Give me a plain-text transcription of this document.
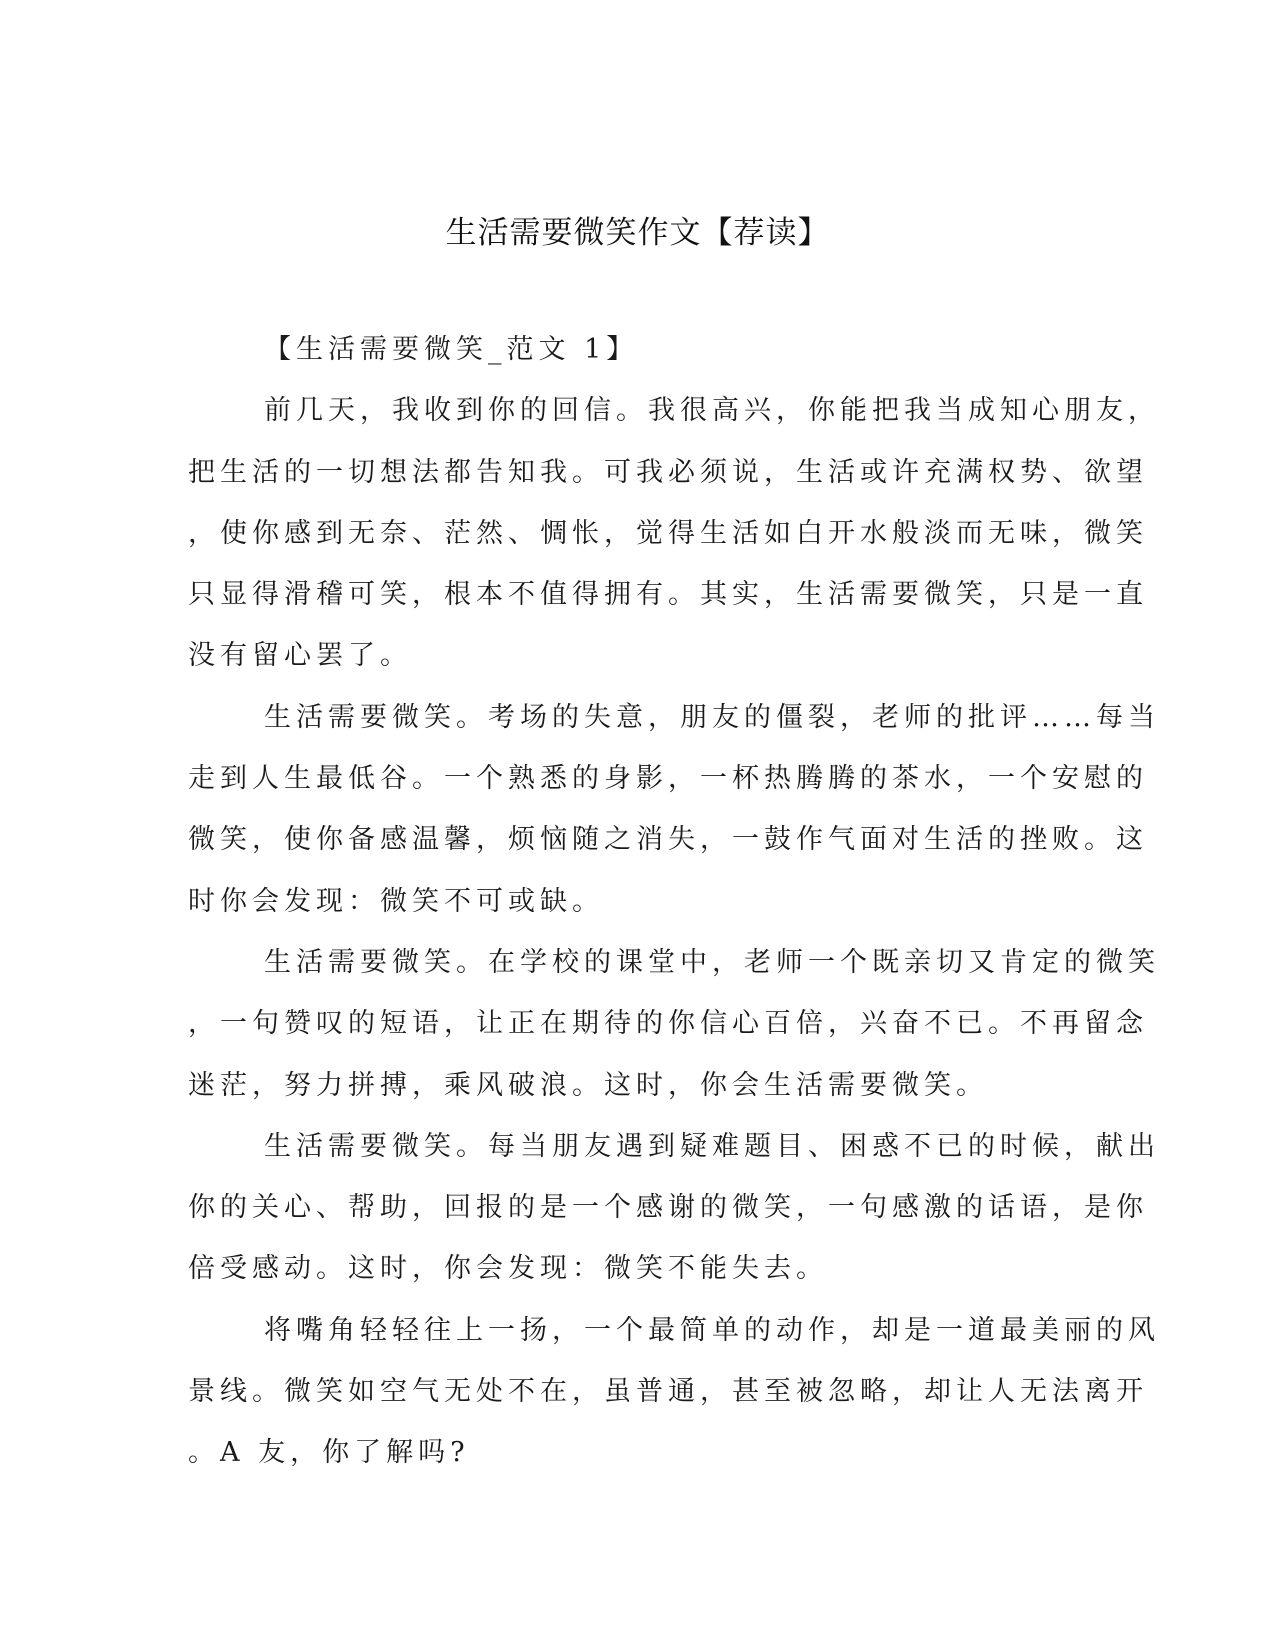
生活需要微笑作文【荐读】
【生活需要微笑_范文 1】
前几天，我收到你的回信。我很高兴，你能把我当成知心朋友，
把生活的一切想法都告知我。可我必须说，生活或许充满权势、欲望
，使你感到无奈、茫然、惆怅，觉得生活如白开水般淡而无味，微笑
只显得滑稽可笑，根本不值得拥有。其实，生活需要微笑，只是一直
没有留心罢了。
生活需要微笑。考场的失意，朋友的僵裂，老师的批评……每当
走到人生最低谷。一个熟悉的身影，一杯热腾腾的茶水，一个安慰的
微笑，使你备感温馨，烦恼随之消失，一鼓作气面对生活的挫败。这
时你会发现：微笑不可或缺。
生活需要微笑。在学校的课堂中，老师一个既亲切又肯定的微笑
，一句赞叹的短语，让正在期待的你信心百倍，兴奋不已。不再留念
迷茫，努力拼搏，乘风破浪。这时，你会生活需要微笑。
生活需要微笑。每当朋友遇到疑难题目、困惑不已的时候，献出
你的关心、帮助，回报的是一个感谢的微笑，一句感激的话语，是你
倍受感动。这时，你会发现：微笑不能失去。
将嘴角轻轻往上一扬，一个最简单的动作，却是一道最美丽的风
景线。微笑如空气无处不在，虽普通，甚至被忽略，却让人无法离开
。A 友，你了解吗?
